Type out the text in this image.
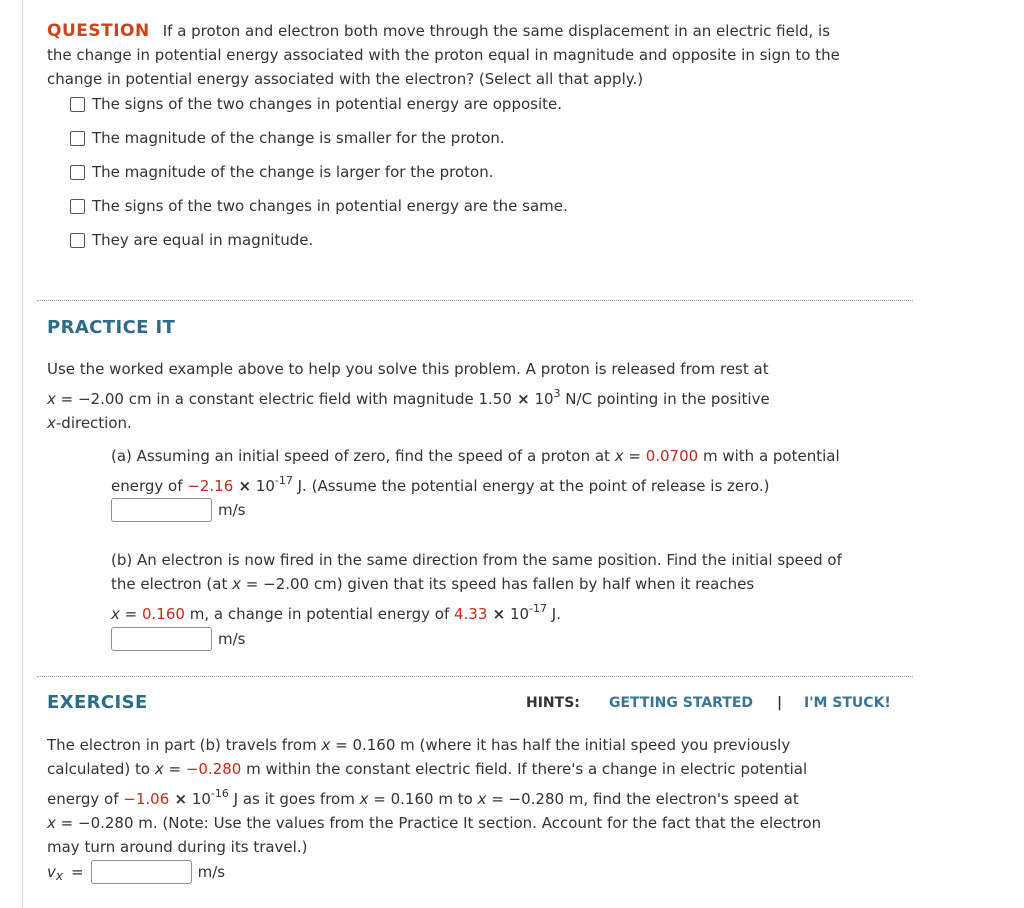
QUESTION If a proton and electron both move through the same displacement in an electric field, is
the change in potential energy associated with the proton equal in magnitude and opposite in sign to the
change in potential energy associated with the electron? (Select all that apply.)
The signs of the two changes in potential energy are opposite.
The magnitude of the change is smaller for the proton.
The magnitude of the change is larger for the proton.
The signs of the two changes in potential energy are the same.
They are equal in magnitude.
PRACTICE IT
Use the worked example above to help you solve this problem. A proton is released from rest at
x = −2.00 cm in a constant electric field with magnitude $1.50 \times 10^3$ N/C pointing in the positive
x-direction.
(a) Assuming an initial speed of zero, find the speed of a proton at x = 0.0700 m with a potential
energy of $-2.16 \times 10^{-17}$ J. (Assume the potential energy at the point of release is zero.)
m/s
(b) An electron is now fired in the same direction from the same position. Find the initial speed of
the electron (at x = −2.00 cm) given that its speed has fallen by half when it reaches
x = 0.160 m, a change in potential energy of $4.33 \times 10^{-17}$ J.
m/s
EXERCISE	HINTS: GETTING STARTED | I'M STUCK!
The electron in part (b) travels from x = 0.160 m (where it has half the initial speed you previously
calculated) to x = −0.280 m within the constant electric field. If there's a change in electric potential
energy of $-1.06 \times 10^{-16}$ J as it goes from x = 0.160 m to x = −0.280 m, find the electron's speed at
x = −0.280 m. (Note: Use the values from the Practice It section. Account for the fact that the electron
may turn around during its travel.)
v x =	m/s
